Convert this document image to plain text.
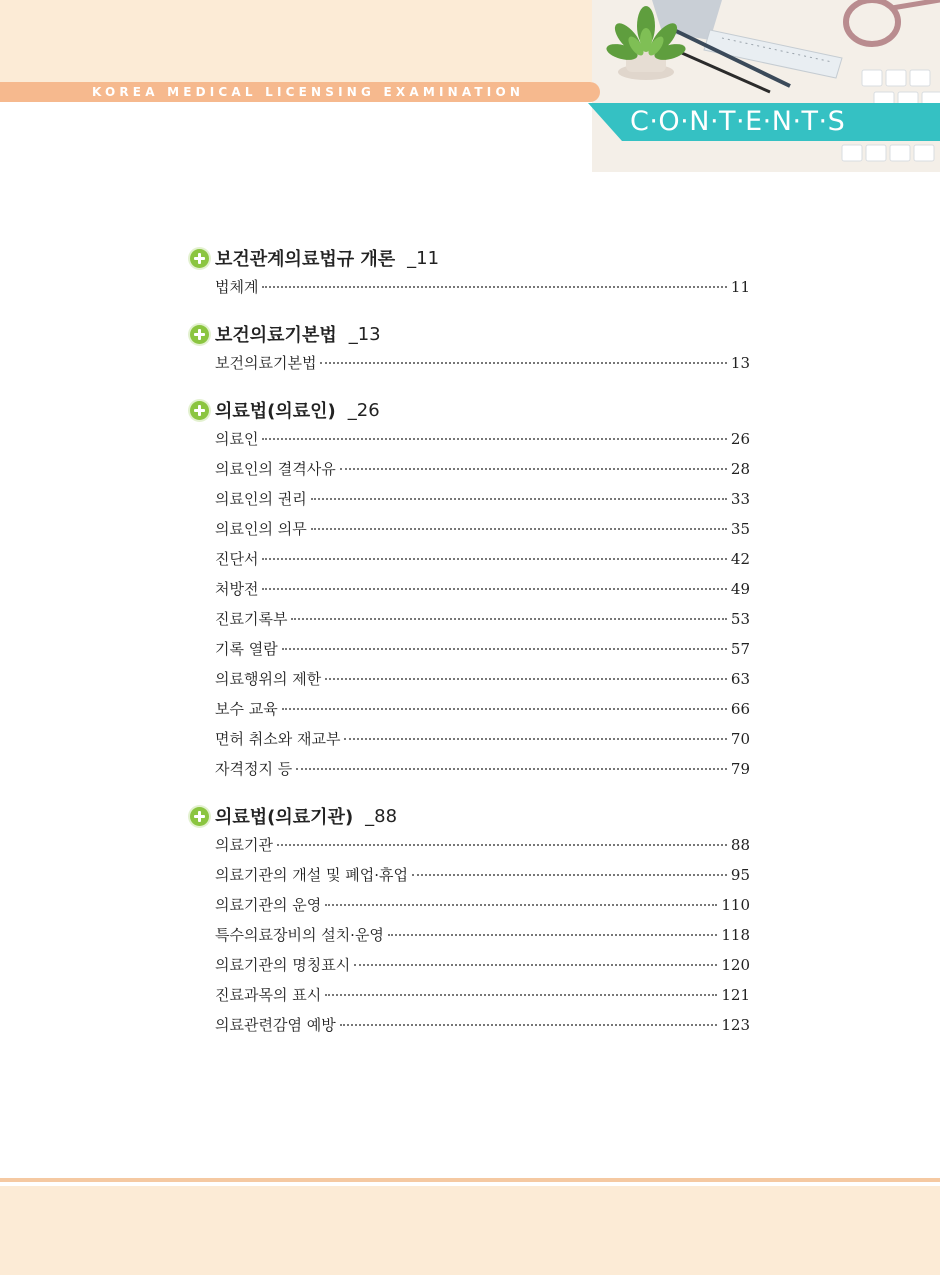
KOREA MEDICAL LICENSING EXAMINATION
C·O·N·T·E·N·T·S
보건관계의료법규 개론 _11
법체계	11
보건의료기본법 _13
보건의료기본법	13
의료법(의료인) _26
의료인	26
의료인의 결격사유	28
의료인의 권리	33
의료인의 의무	35
진단서	42
처방전	49
진료기록부	53
기록 열람	57
의료행위의 제한	63
보수 교육	66
면허 취소와 재교부	70
자격정지 등	79
의료법(의료기관) _88
의료기관	88
의료기관의 개설 및 폐업·휴업	95
의료기관의 운영	110
특수의료장비의 설치·운영	118
의료기관의 명칭표시	120
진료과목의 표시	121
의료관련감염 예방	123
